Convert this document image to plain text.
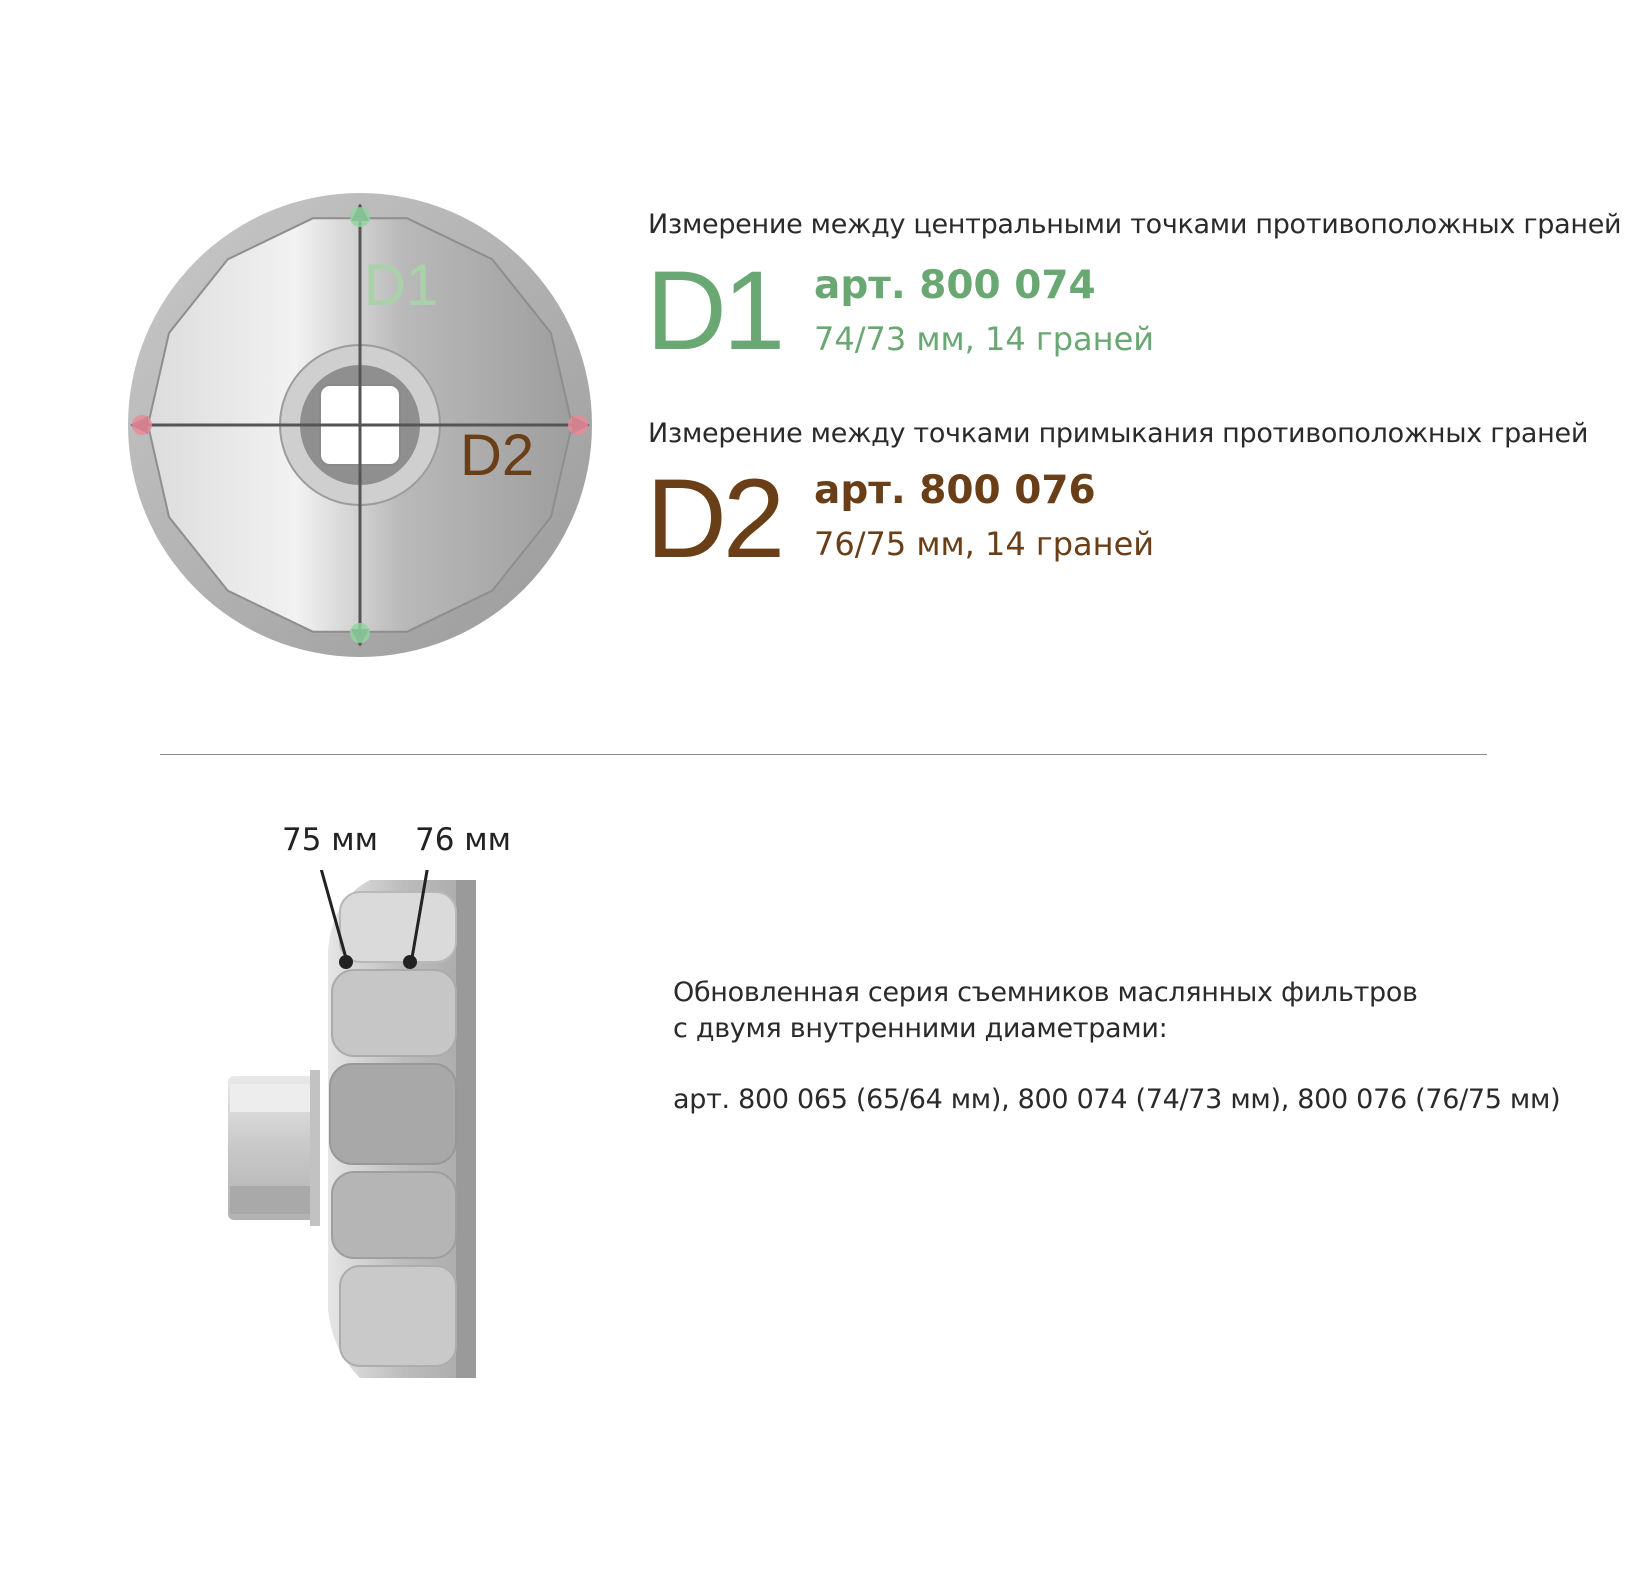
D1
D2
Измерение между центральными точками противоположных граней
D1 арт. 800 074
74/73 мм, 14 граней
Измерение между точками примыкания противоположных граней
D2 арт. 800 076
76/75 мм, 14 граней
75 мм 76 мм
Обновленная серия съемников маслянных фильтров
с двумя внутренними диаметрами:
арт. 800 065 (65/64 мм), 800 074 (74/73 мм), 800 076 (76/75 мм)
